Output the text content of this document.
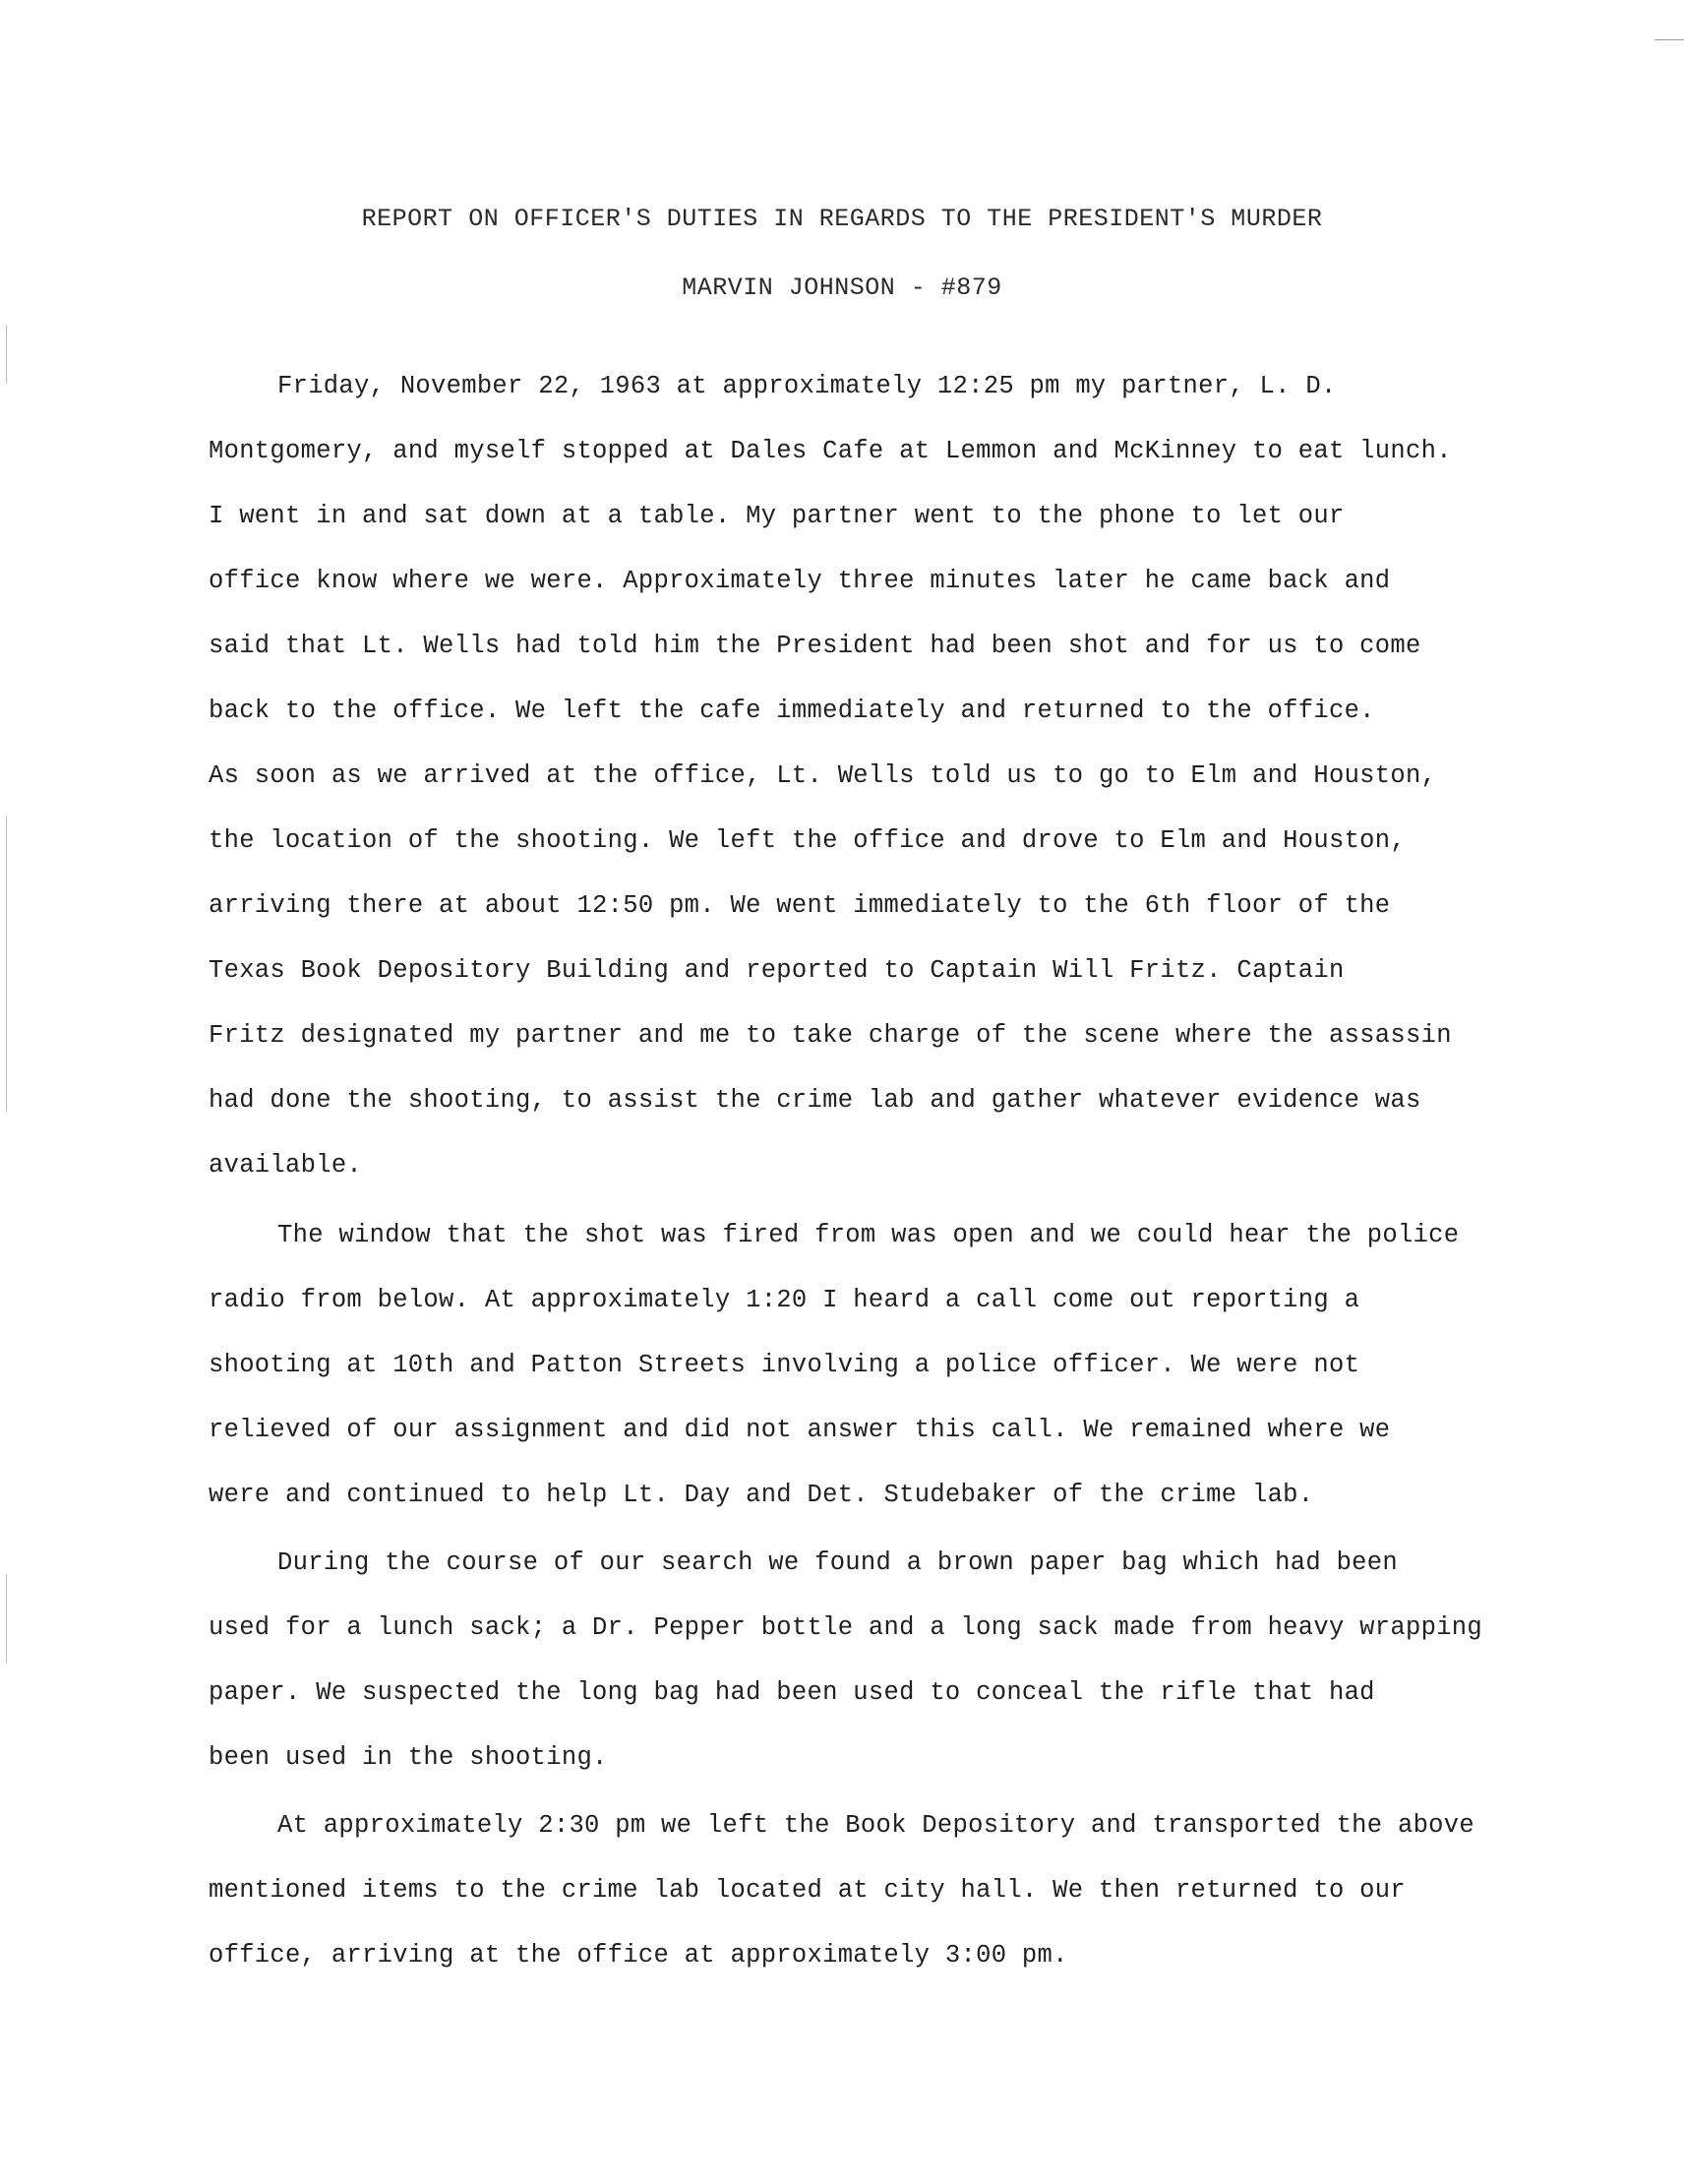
REPORT ON OFFICER'S DUTIES IN REGARDS TO THE PRESIDENT'S MURDER
MARVIN JOHNSON - #879
Friday, November 22, 1963 at approximately 12:25 pm my partner, L. D.
Montgomery, and myself stopped at Dales Cafe at Lemmon and McKinney to eat lunch.
I went in and sat down at a table. My partner went to the phone to let our
office know where we were. Approximately three minutes later he came back and
said that Lt. Wells had told him the President had been shot and for us to come
back to the office. We left the cafe immediately and returned to the office.
As soon as we arrived at the office, Lt. Wells told us to go to Elm and Houston,
the location of the shooting. We left the office and drove to Elm and Houston,
arriving there at about 12:50 pm. We went immediately to the 6th floor of the
Texas Book Depository Building and reported to Captain Will Fritz. Captain
Fritz designated my partner and me to take charge of the scene where the assassin
had done the shooting, to assist the crime lab and gather whatever evidence was
available.
The window that the shot was fired from was open and we could hear the police
radio from below. At approximately 1:20 I heard a call come out reporting a
shooting at 10th and Patton Streets involving a police officer. We were not
relieved of our assignment and did not answer this call. We remained where we
were and continued to help Lt. Day and Det. Studebaker of the crime lab.
During the course of our search we found a brown paper bag which had been
used for a lunch sack; a Dr. Pepper bottle and a long sack made from heavy wrapping
paper. We suspected the long bag had been used to conceal the rifle that had
been used in the shooting.
At approximately 2:30 pm we left the Book Depository and transported the above
mentioned items to the crime lab located at city hall. We then returned to our
office, arriving at the office at approximately 3:00 pm.
